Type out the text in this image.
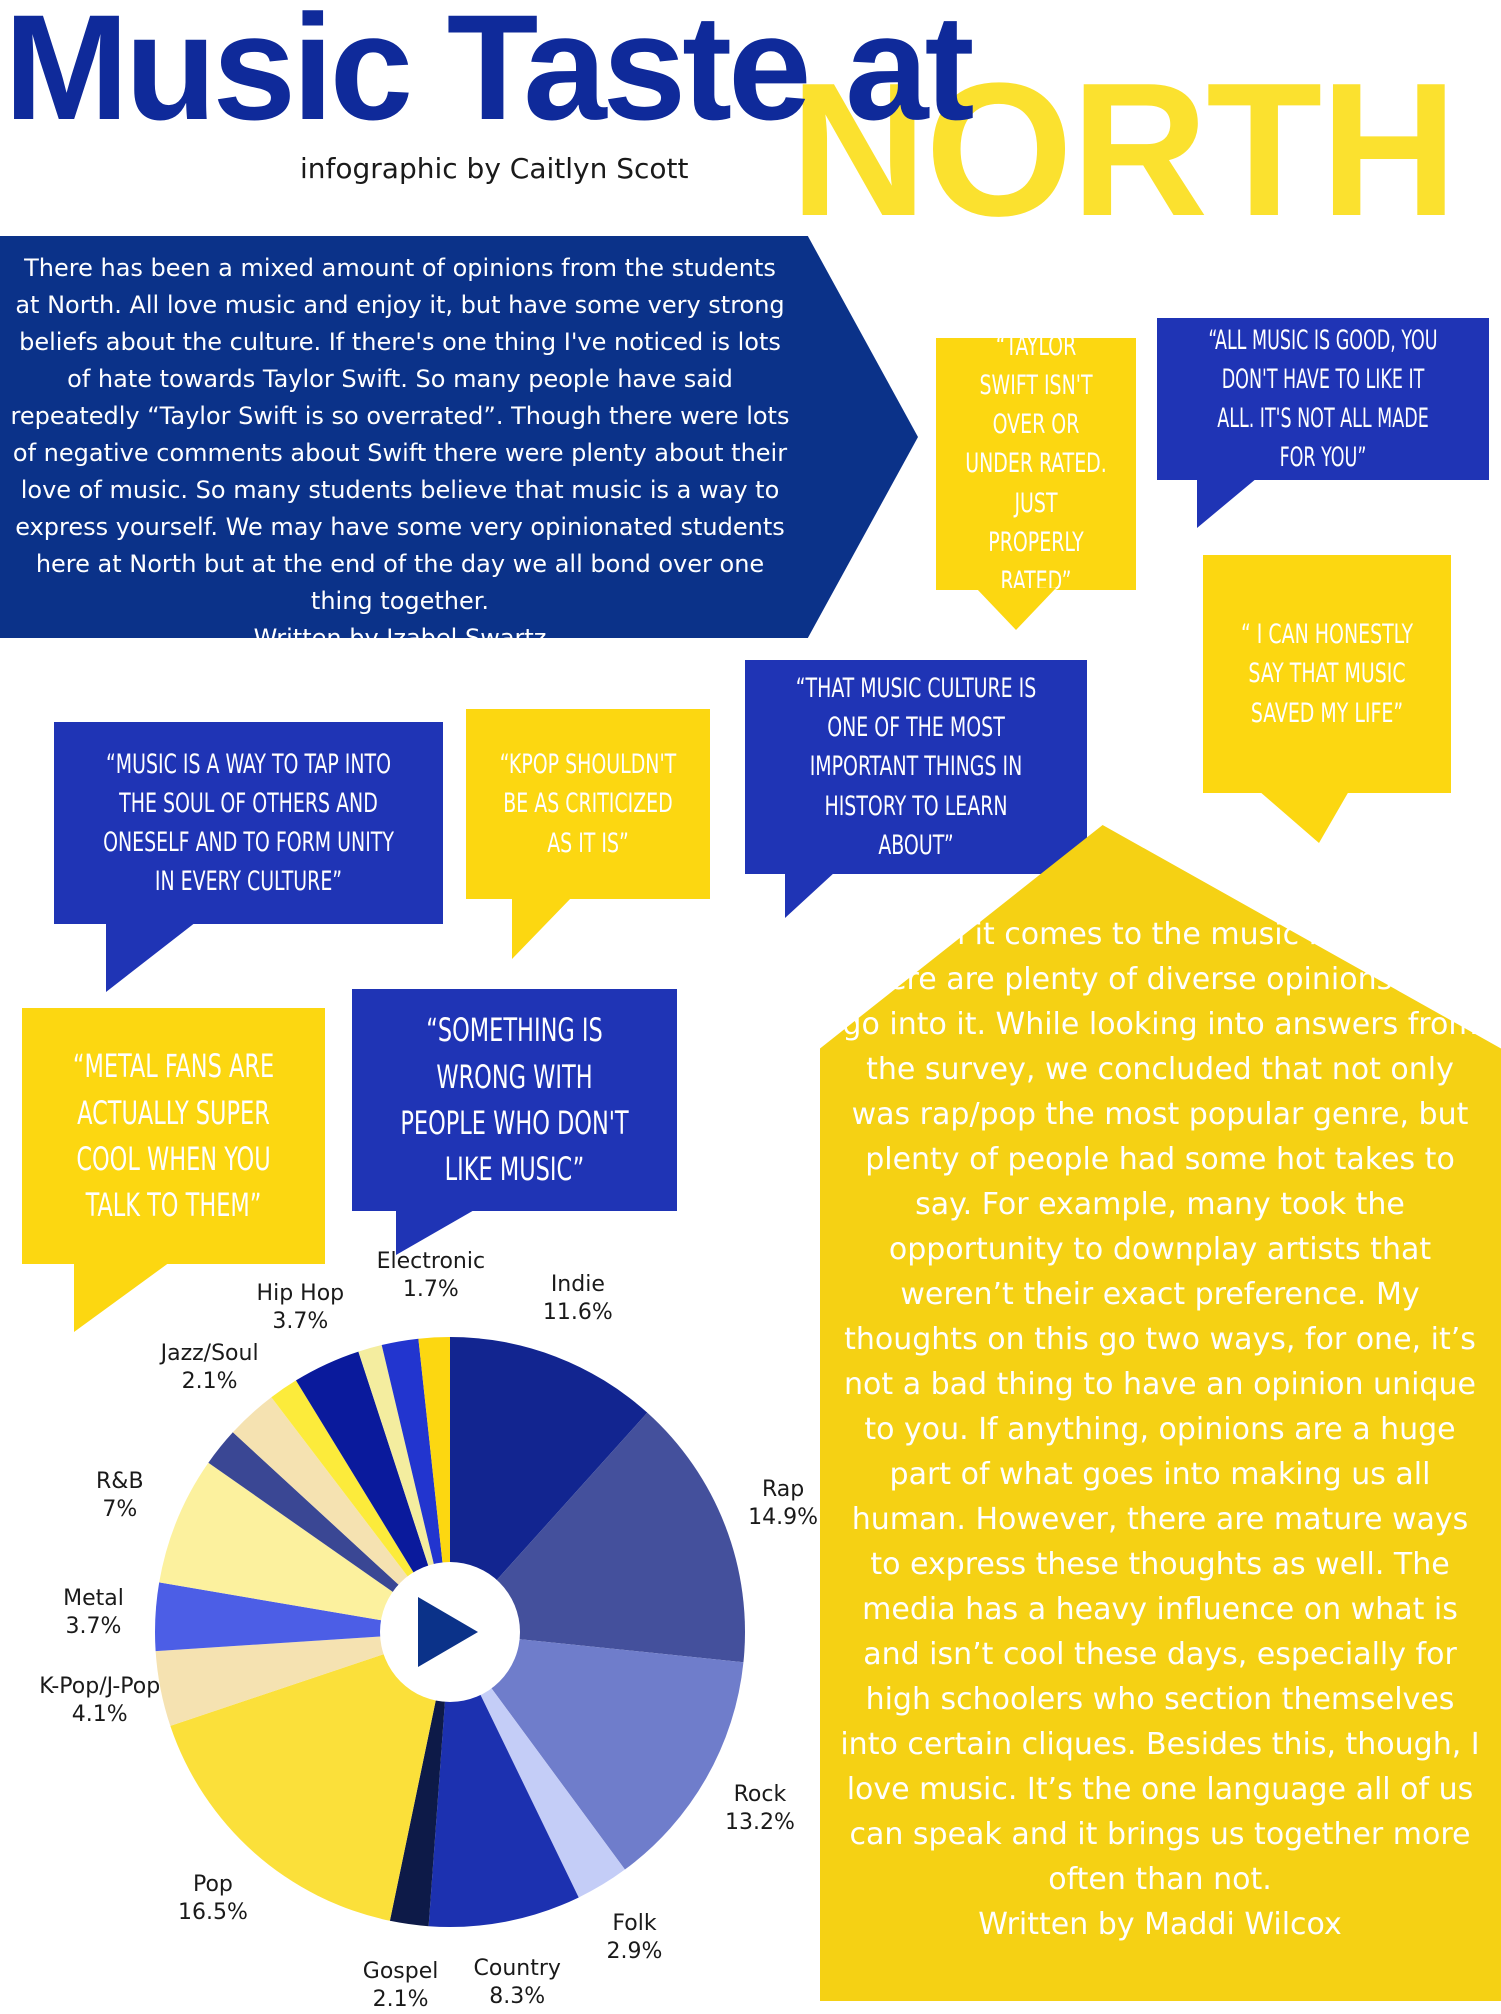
NORTH
Music Taste at
infographic by Caitlyn Scott
There has been a mixed amount of opinions from the students at North. All love music and enjoy it, but have some very strong beliefs about the culture. If there's one thing I've noticed is lots of hate towards Taylor Swift. So many people have said repeatedly “Taylor Swift is so overrated”. Though there were lots of negative comments about Swift there were plenty about their love of music. So many students believe that music is a way to express yourself. We may have some very opinionated students here at North but at the end of the day we all bond over one thing together.
Written by Izabel Swartz
“TAYLOR SWIFT ISN'T OVER OR UNDER RATED. JUST PROPERLY RATED”
“ALL MUSIC IS GOOD, YOU DON'T HAVE TO LIKE IT ALL. IT'S NOT ALL MADE FOR YOU”
“ I CAN HONESTLY SAY THAT MUSIC SAVED MY LIFE”
“THAT MUSIC CULTURE IS ONE OF THE MOST IMPORTANT THINGS IN HISTORY TO LEARN ABOUT”
“KPOP SHOULDN'T BE AS CRITICIZED AS IT IS”
“MUSIC IS A WAY TO TAP INTO THE SOUL OF OTHERS AND ONESELF AND TO FORM UNITY IN EVERY CULTURE”
“METAL FANS ARE ACTUALLY SUPER COOL WHEN YOU TALK TO THEM”
“SOMETHING IS WRONG WITH PEOPLE WHO DON'T LIKE MUSIC”
When it comes to the music industry, there are plenty of diverse opinions that go into it. While looking into answers from the survey, we concluded that not only was rap/pop the most popular genre, but plenty of people had some hot takes to say. For example, many took the opportunity to downplay artists that weren’t their exact preference. My thoughts on this go two ways, for one, it’s not a bad thing to have an opinion unique to you. If anything, opinions are a huge part of what goes into making us all human. However, there are mature ways to express these thoughts as well. The media has a heavy influence on what is and isn’t cool these days, especially for high schoolers who section themselves into certain cliques. Besides this, though, I love music. It’s the one language all of us can speak and it brings us together more often than not.
Written by Maddi Wilcox
Indie
11.6%
Rap
14.9%
Rock
13.2%
Folk
2.9%
Country
8.3%
Gospel
2.1%
Pop
16.5%
K-Pop/J-Pop
4.1%
Metal
3.7%
R&B
7%
Jazz/Soul
2.1%
Hip Hop
3.7%
Electronic
1.7%
